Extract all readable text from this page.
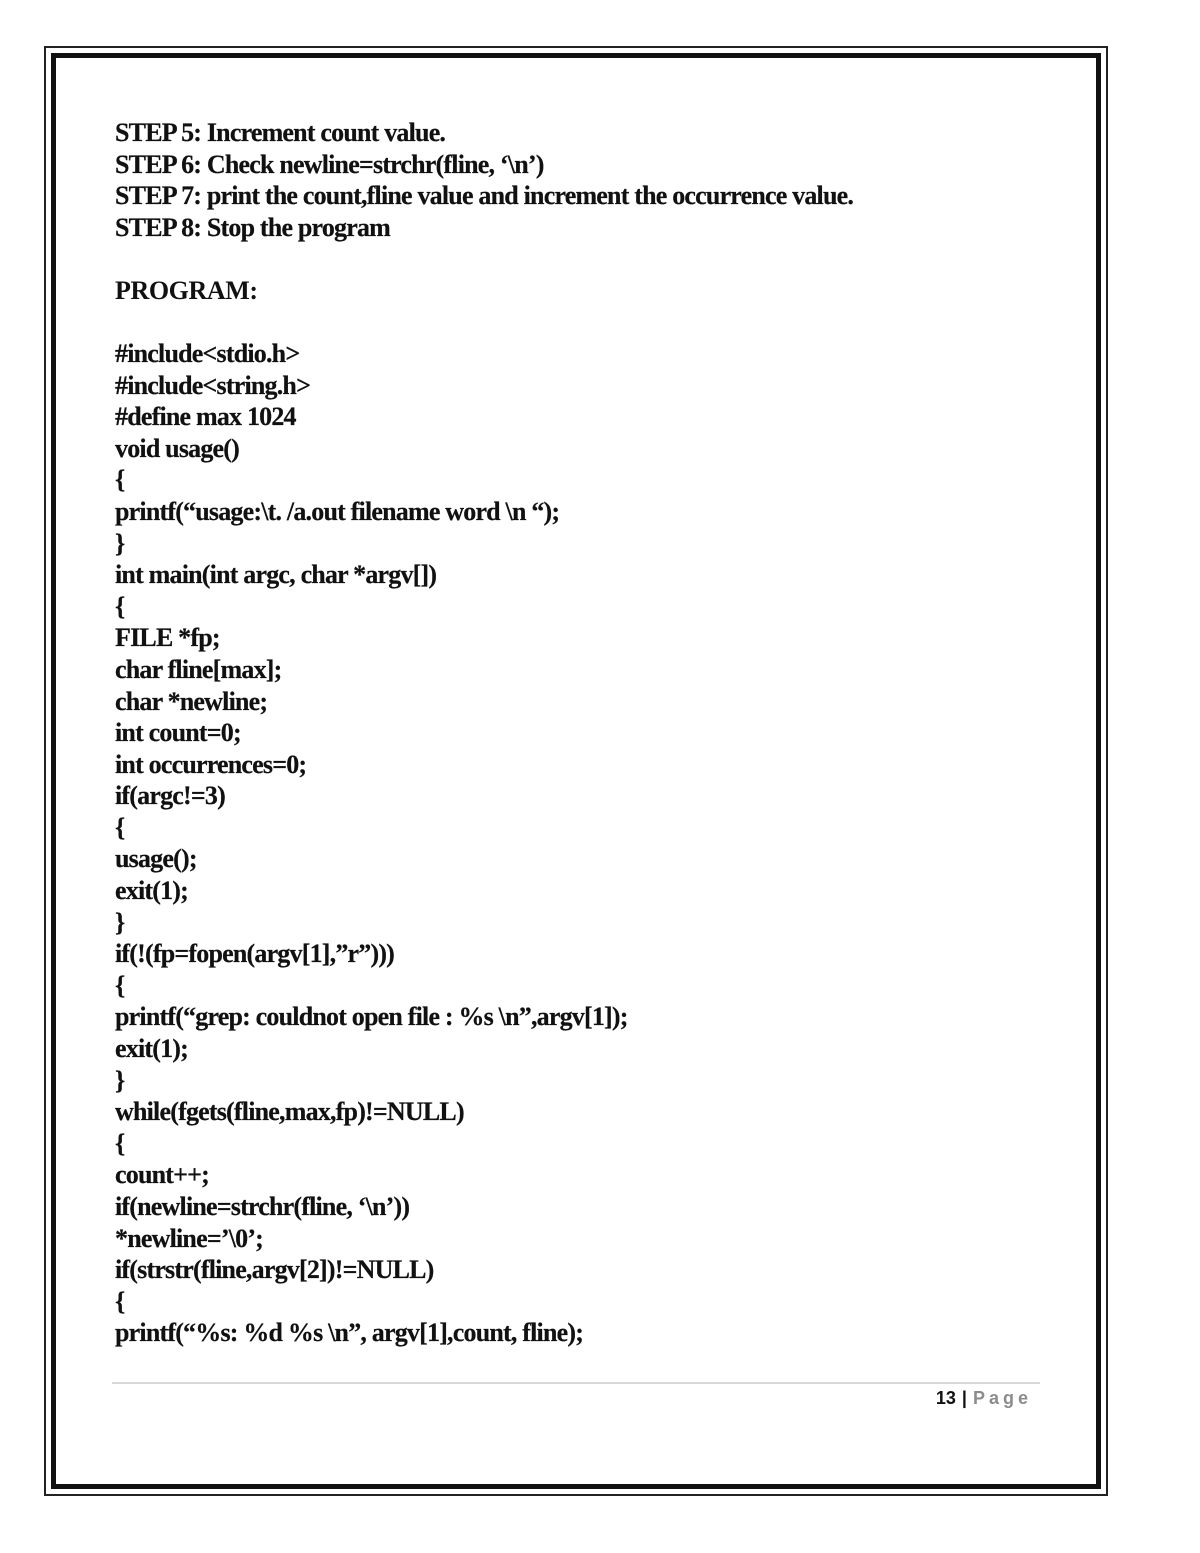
STEP 5: Increment count value.
STEP 6: Check newline=strchr(fline, ‘\n’)
STEP 7: print the count,fline value and increment the occurrence value.
STEP 8: Stop the program
PROGRAM:
#include<stdio.h>
#include<string.h>
#define max 1024
void usage()
{
printf(“usage:\t. /a.out filename word \n “);
}
int main(int argc, char *argv[])
{
FILE *fp;
char fline[max];
char *newline;
int count=0;
int occurrences=0;
if(argc!=3)
{
usage();
exit(1);
}
if(!(fp=fopen(argv[1],”r”)))
{
printf(“grep: couldnot open file : %s \n”,argv[1]);
exit(1);
}
while(fgets(fline,max,fp)!=NULL)
{
count++;
if(newline=strchr(fline, ‘\n’))
*newline=’\0’;
if(strstr(fline,argv[2])!=NULL)
{
printf(“%s: %d %s \n”, argv[1],count, fline);
13 | Page
